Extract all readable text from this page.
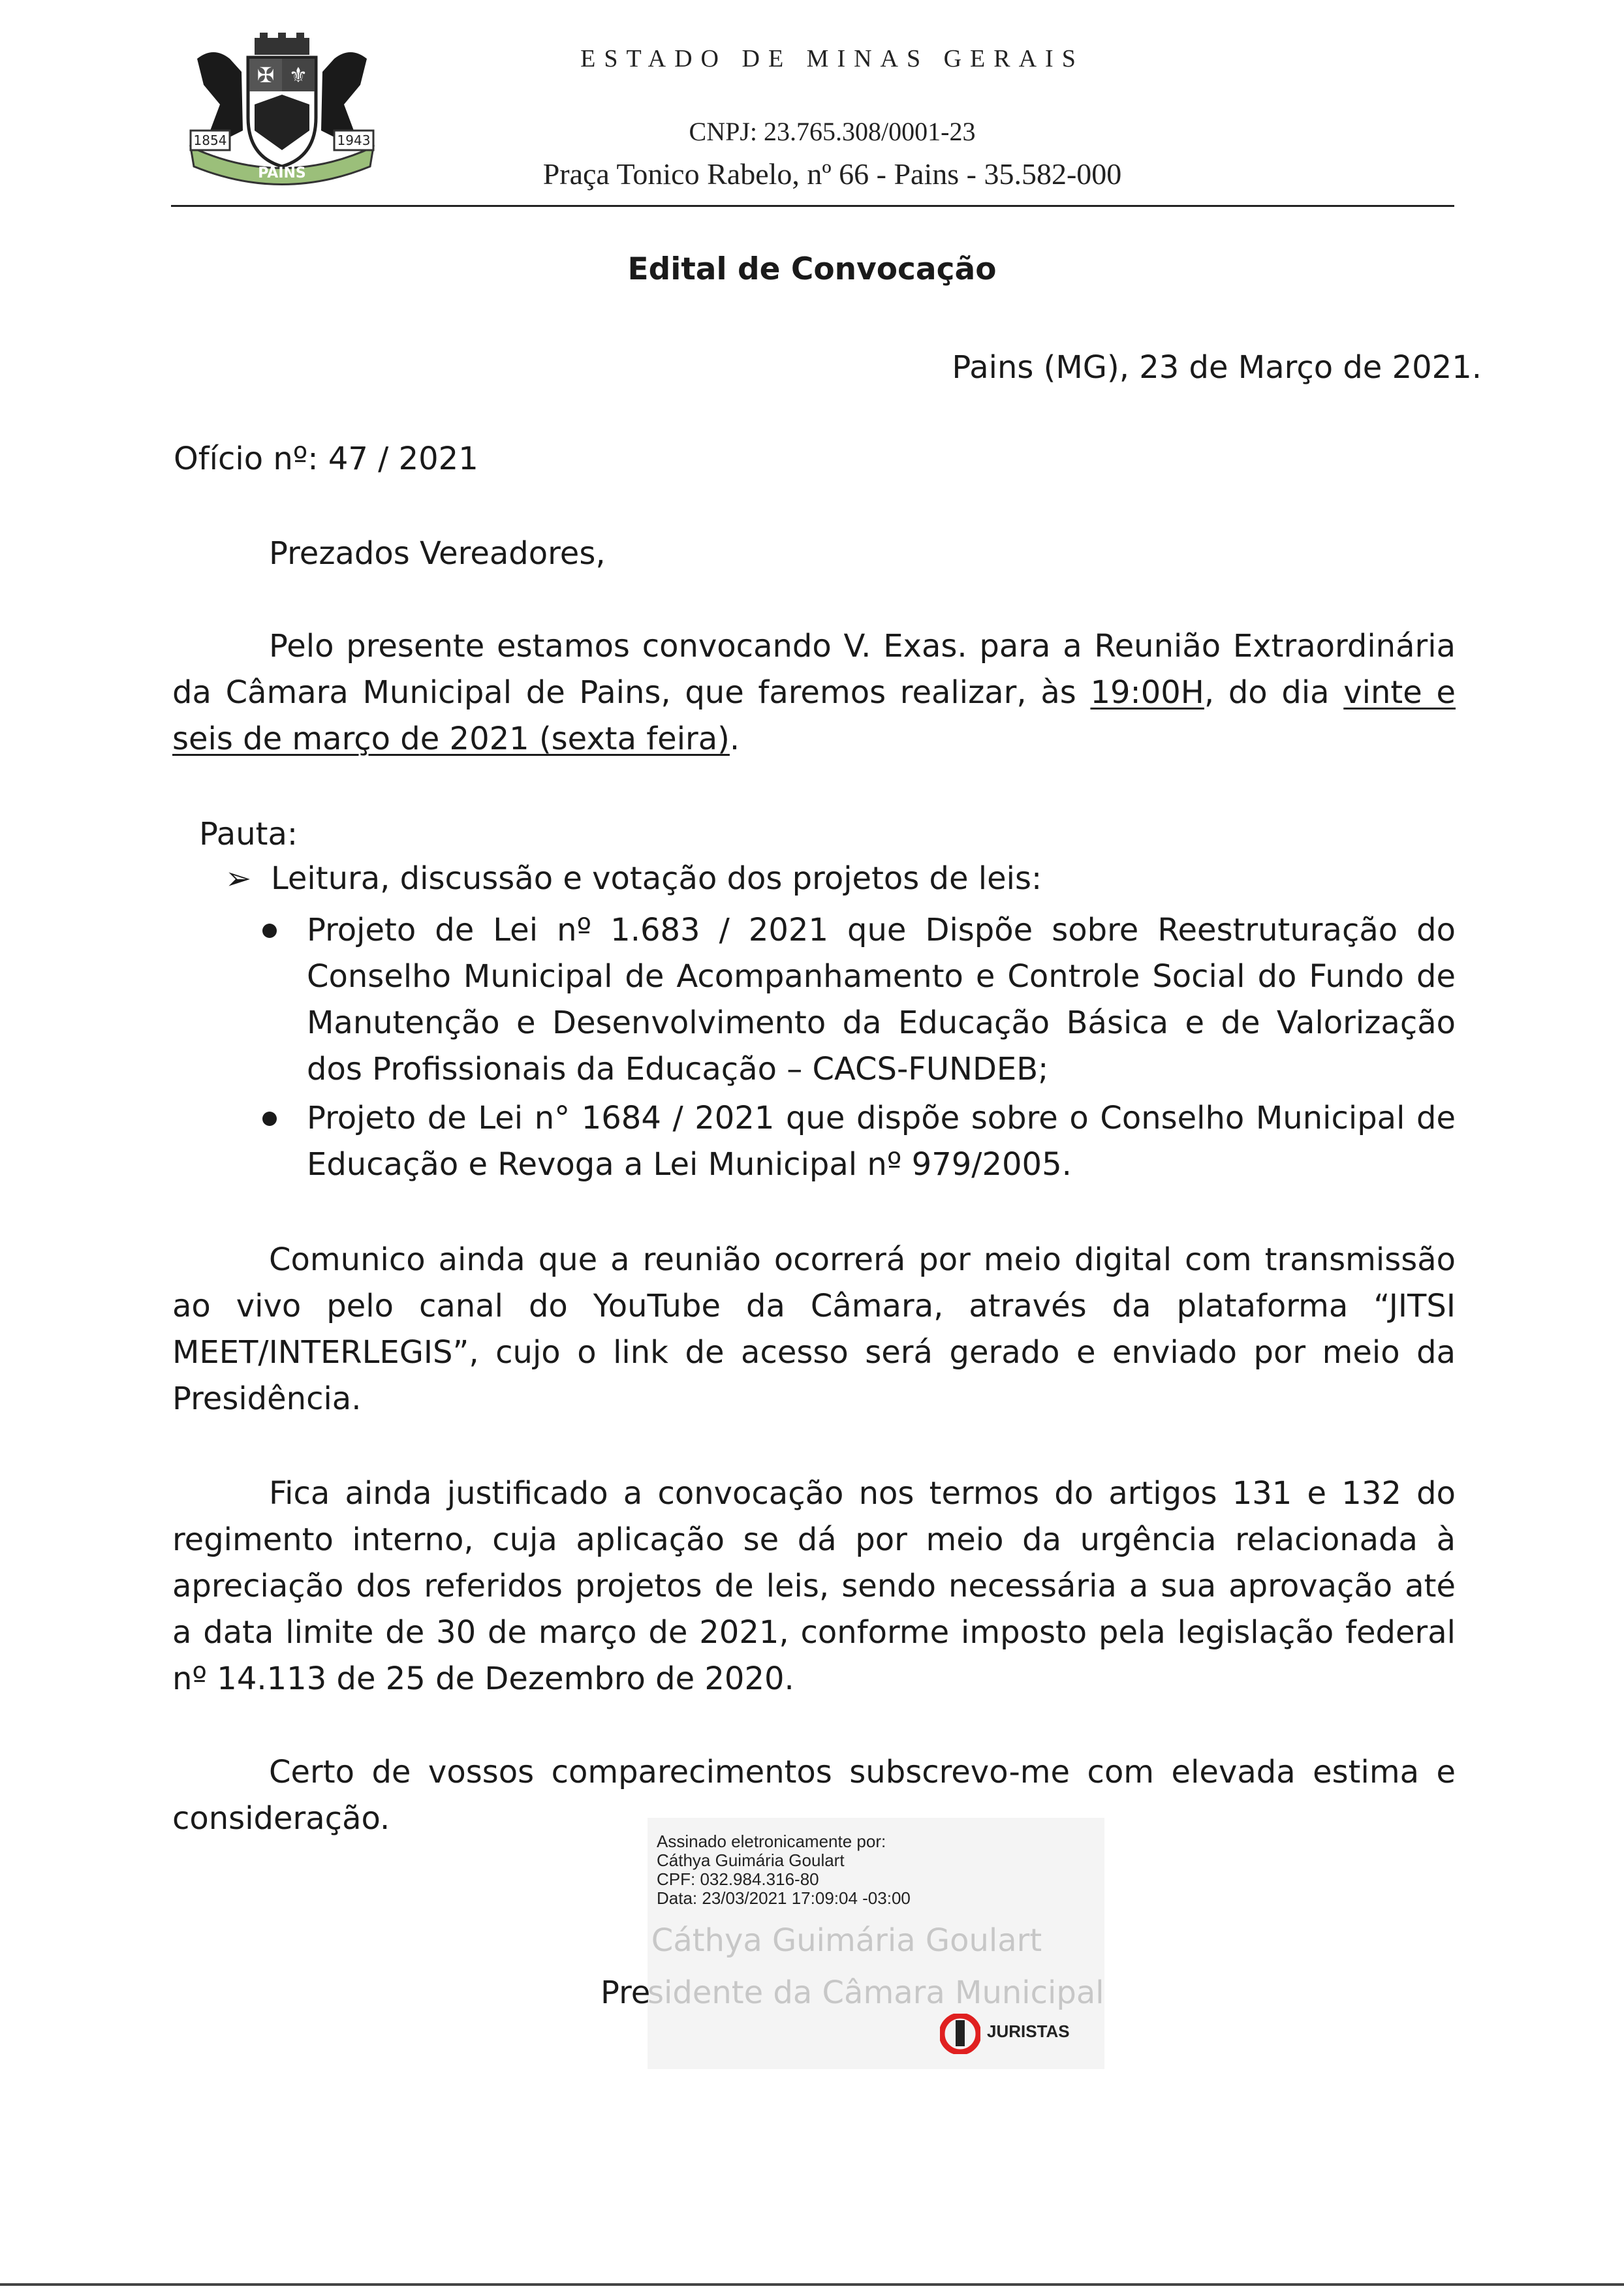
✠ ⚜
1854	1943
PAINS
ESTADO DE MINAS GERAIS
CNPJ: 23.765.308/0001-23
Praça Tonico Rabelo, nº 66 - Pains - 35.582-000
Edital de Convocação
Pains (MG), 23 de Março de 2021.
Ofício nº: 47 / 2021
Prezados Vereadores,
Pelo presente estamos convocando V. Exas. para a Reunião Extraordinária da Câmara Municipal de Pains, que faremos realizar, às 19:00H, do dia vinte e seis de março de 2021 (sexta feira).
Pauta:
➢ Leitura, discussão e votação dos projetos de leis:
Projeto de Lei nº 1.683 / 2021 que Dispõe sobre Reestruturação do Conselho Municipal de Acompanhamento e Controle Social do Fundo de Manutenção e Desenvolvimento da Educação Básica e de Valorização dos Profissionais da Educação – CACS-FUNDEB;
Projeto de Lei n° 1684 / 2021 que dispõe sobre o Conselho Municipal de Educação e Revoga a Lei Municipal nº 979/2005.
Comunico ainda que a reunião ocorrerá por meio digital com transmissão ao vivo pelo canal do YouTube da Câmara, através da plataforma “JITSI MEET/INTERLEGIS”, cujo o link de acesso será gerado e enviado por meio da Presidência.
Fica ainda justificado a convocação nos termos do artigos 131 e 132 do regimento interno, cuja aplicação se dá por meio da urgência relacionada à apreciação dos referidos projetos de leis, sendo necessária a sua aprovação até a data limite de 30 de março de 2021, conforme imposto pela legislação federal nº 14.113 de 25 de Dezembro de 2020.
Certo de vossos comparecimentos subscrevo-me com elevada estima e consideração.
Assinado eletronicamente por:
Cáthya Guimária Goulart
CPF: 032.984.316-80
Data: 23/03/2021 17:09:04 -03:00
Cáthya Guimária Goulart
Pre
sidente da Câmara Municipal
JURISTAS
